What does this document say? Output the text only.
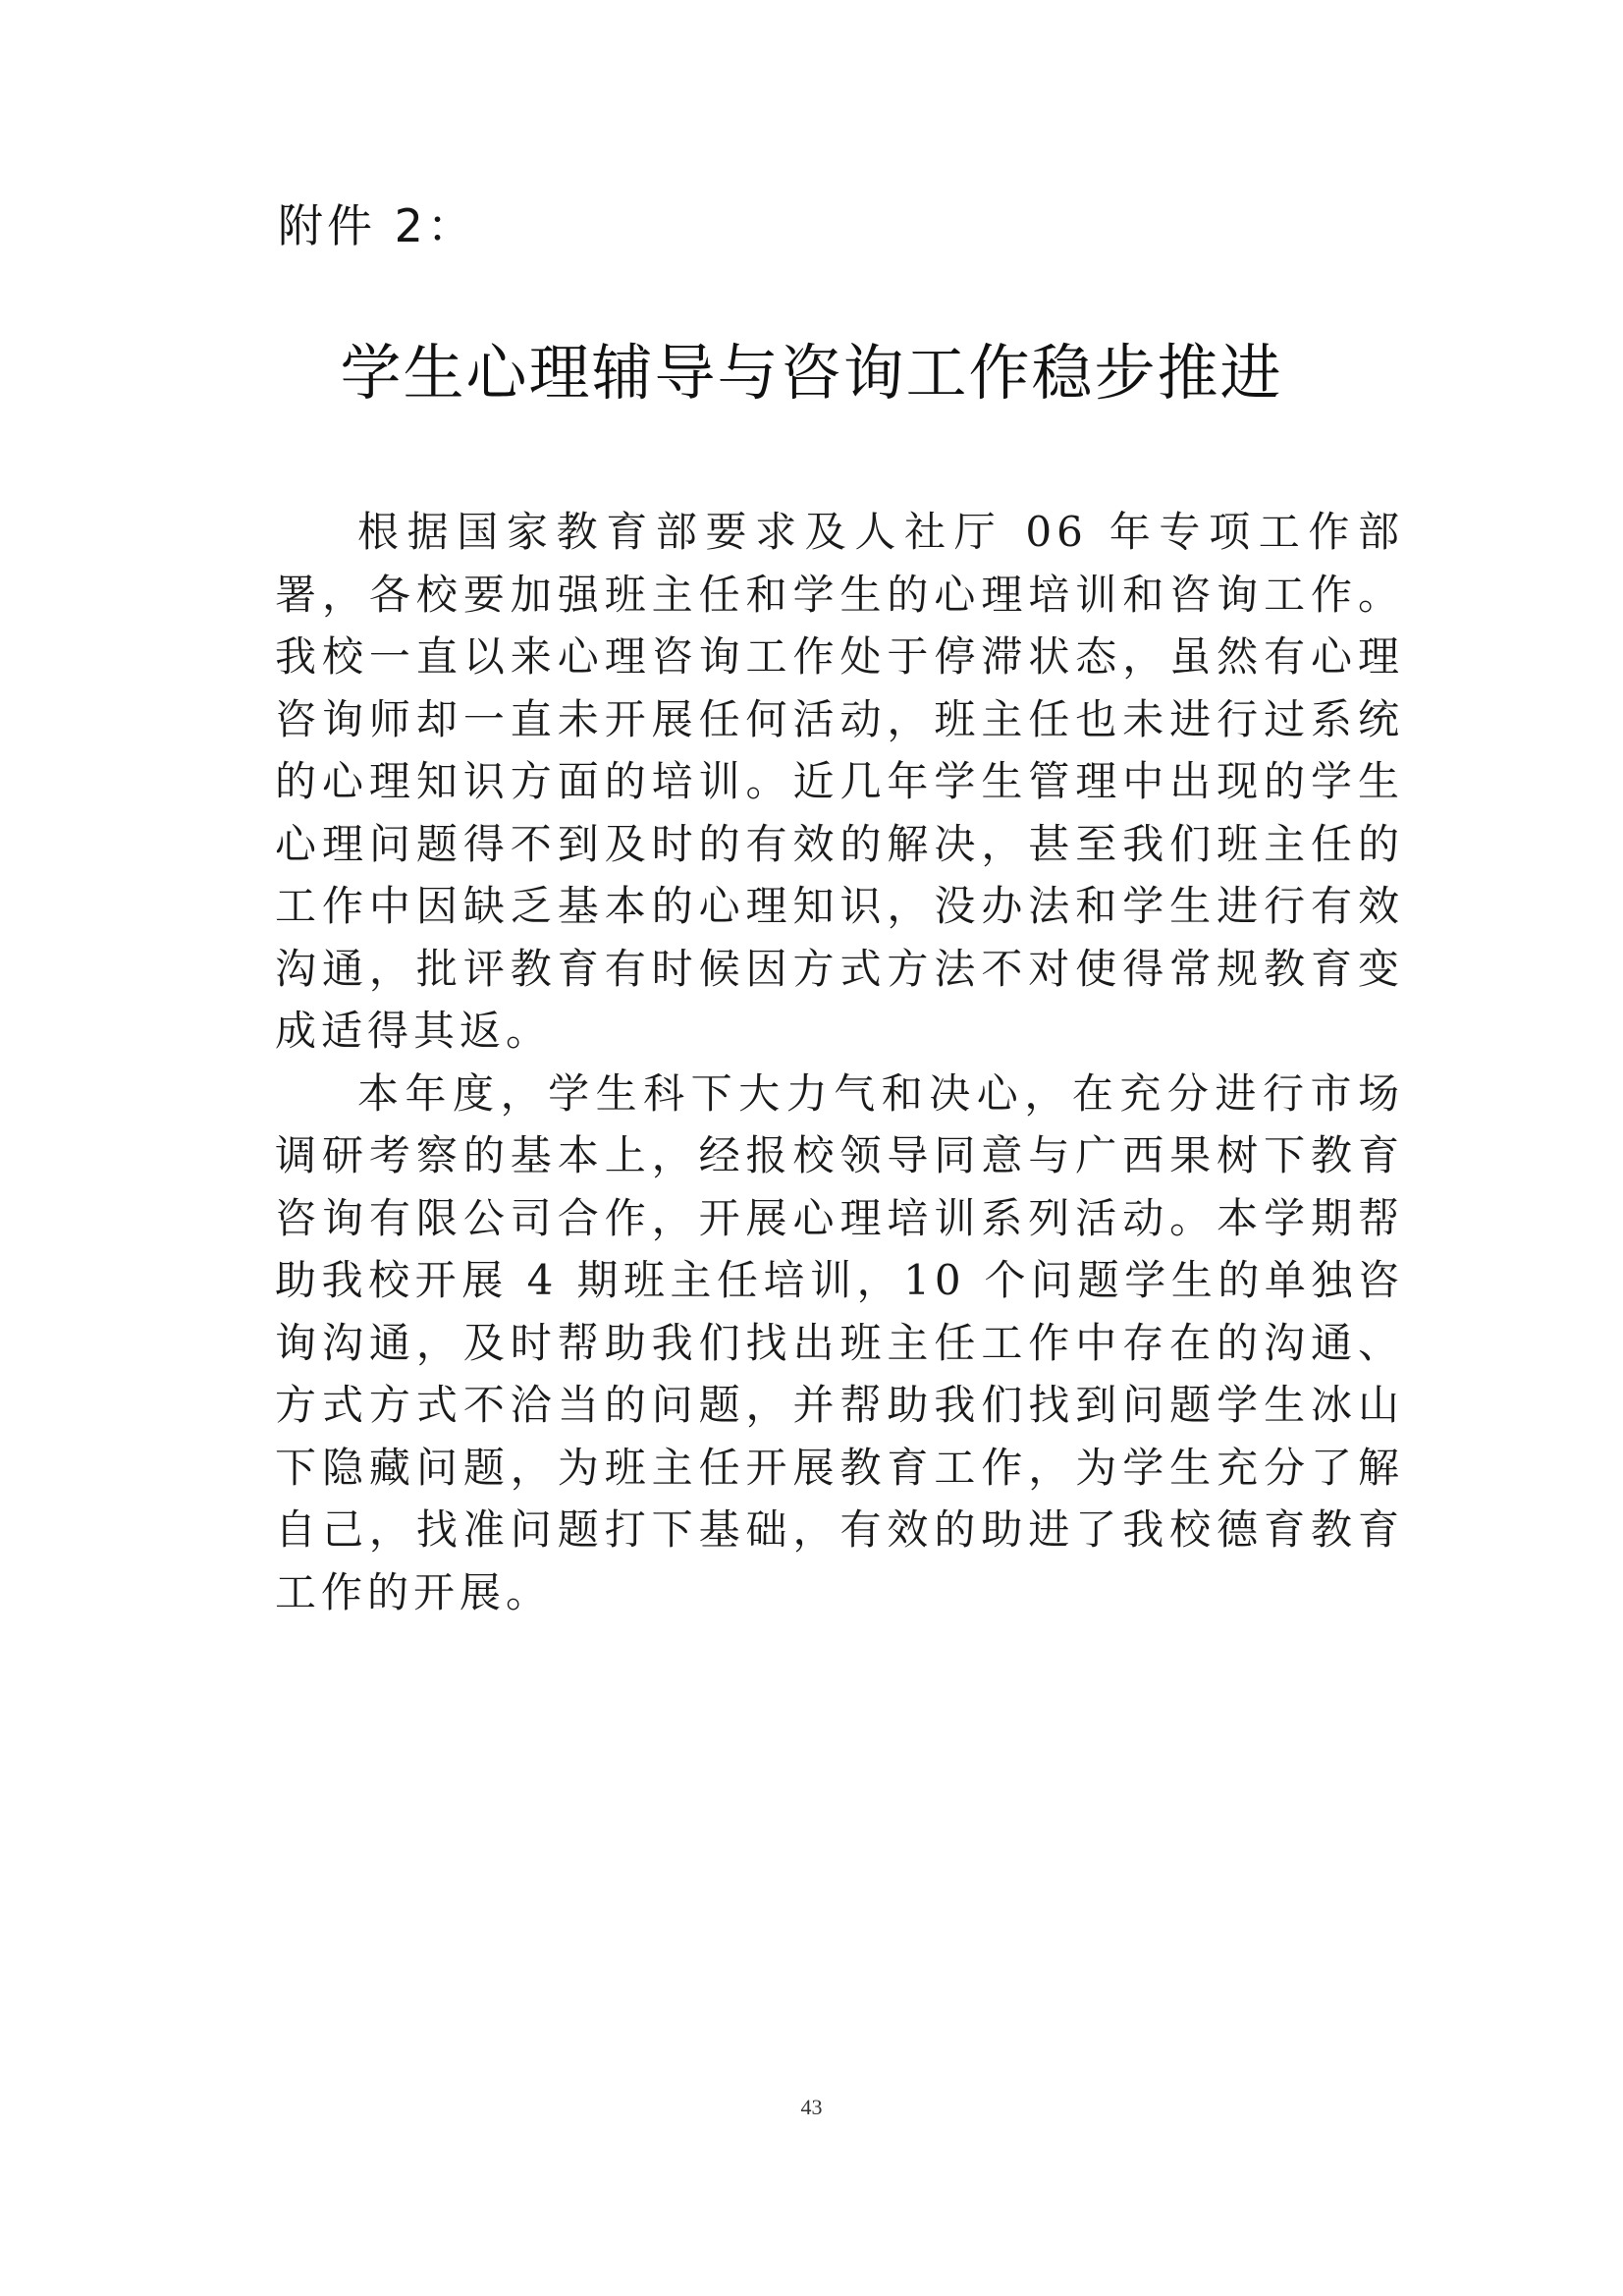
附件 2：
学生心理辅导与咨询工作稳步推进

根据国家教育部要求及人社厅 06 年专项工作部署，各校要加强班主任和学生的心理培训和咨询工作。我校一直以来心理咨询工作处于停滞状态，虽然有心理咨询师却一直未开展任何活动，班主任也未进行过系统的心理知识方面的培训。近几年学生管理中出现的学生心理问题得不到及时的有效的解决，甚至我们班主任的工作中因缺乏基本的心理知识，没办法和学生进行有效沟通，批评教育有时候因方式方法不对使得常规教育变成适得其返。

本年度，学生科下大力气和决心，在充分进行市场调研考察的基本上，经报校领导同意与广西果树下教育咨询有限公司合作，开展心理培训系列活动。本学期帮助我校开展 4 期班主任培训，10 个问题学生的单独咨询沟通，及时帮助我们找出班主任工作中存在的沟通、方式方式不洽当的问题，并帮助我们找到问题学生冰山下隐藏问题，为班主任开展教育工作，为学生充分了解自己，找准问题打下基础，有效的助进了我校德育教育工作的开展。

43
